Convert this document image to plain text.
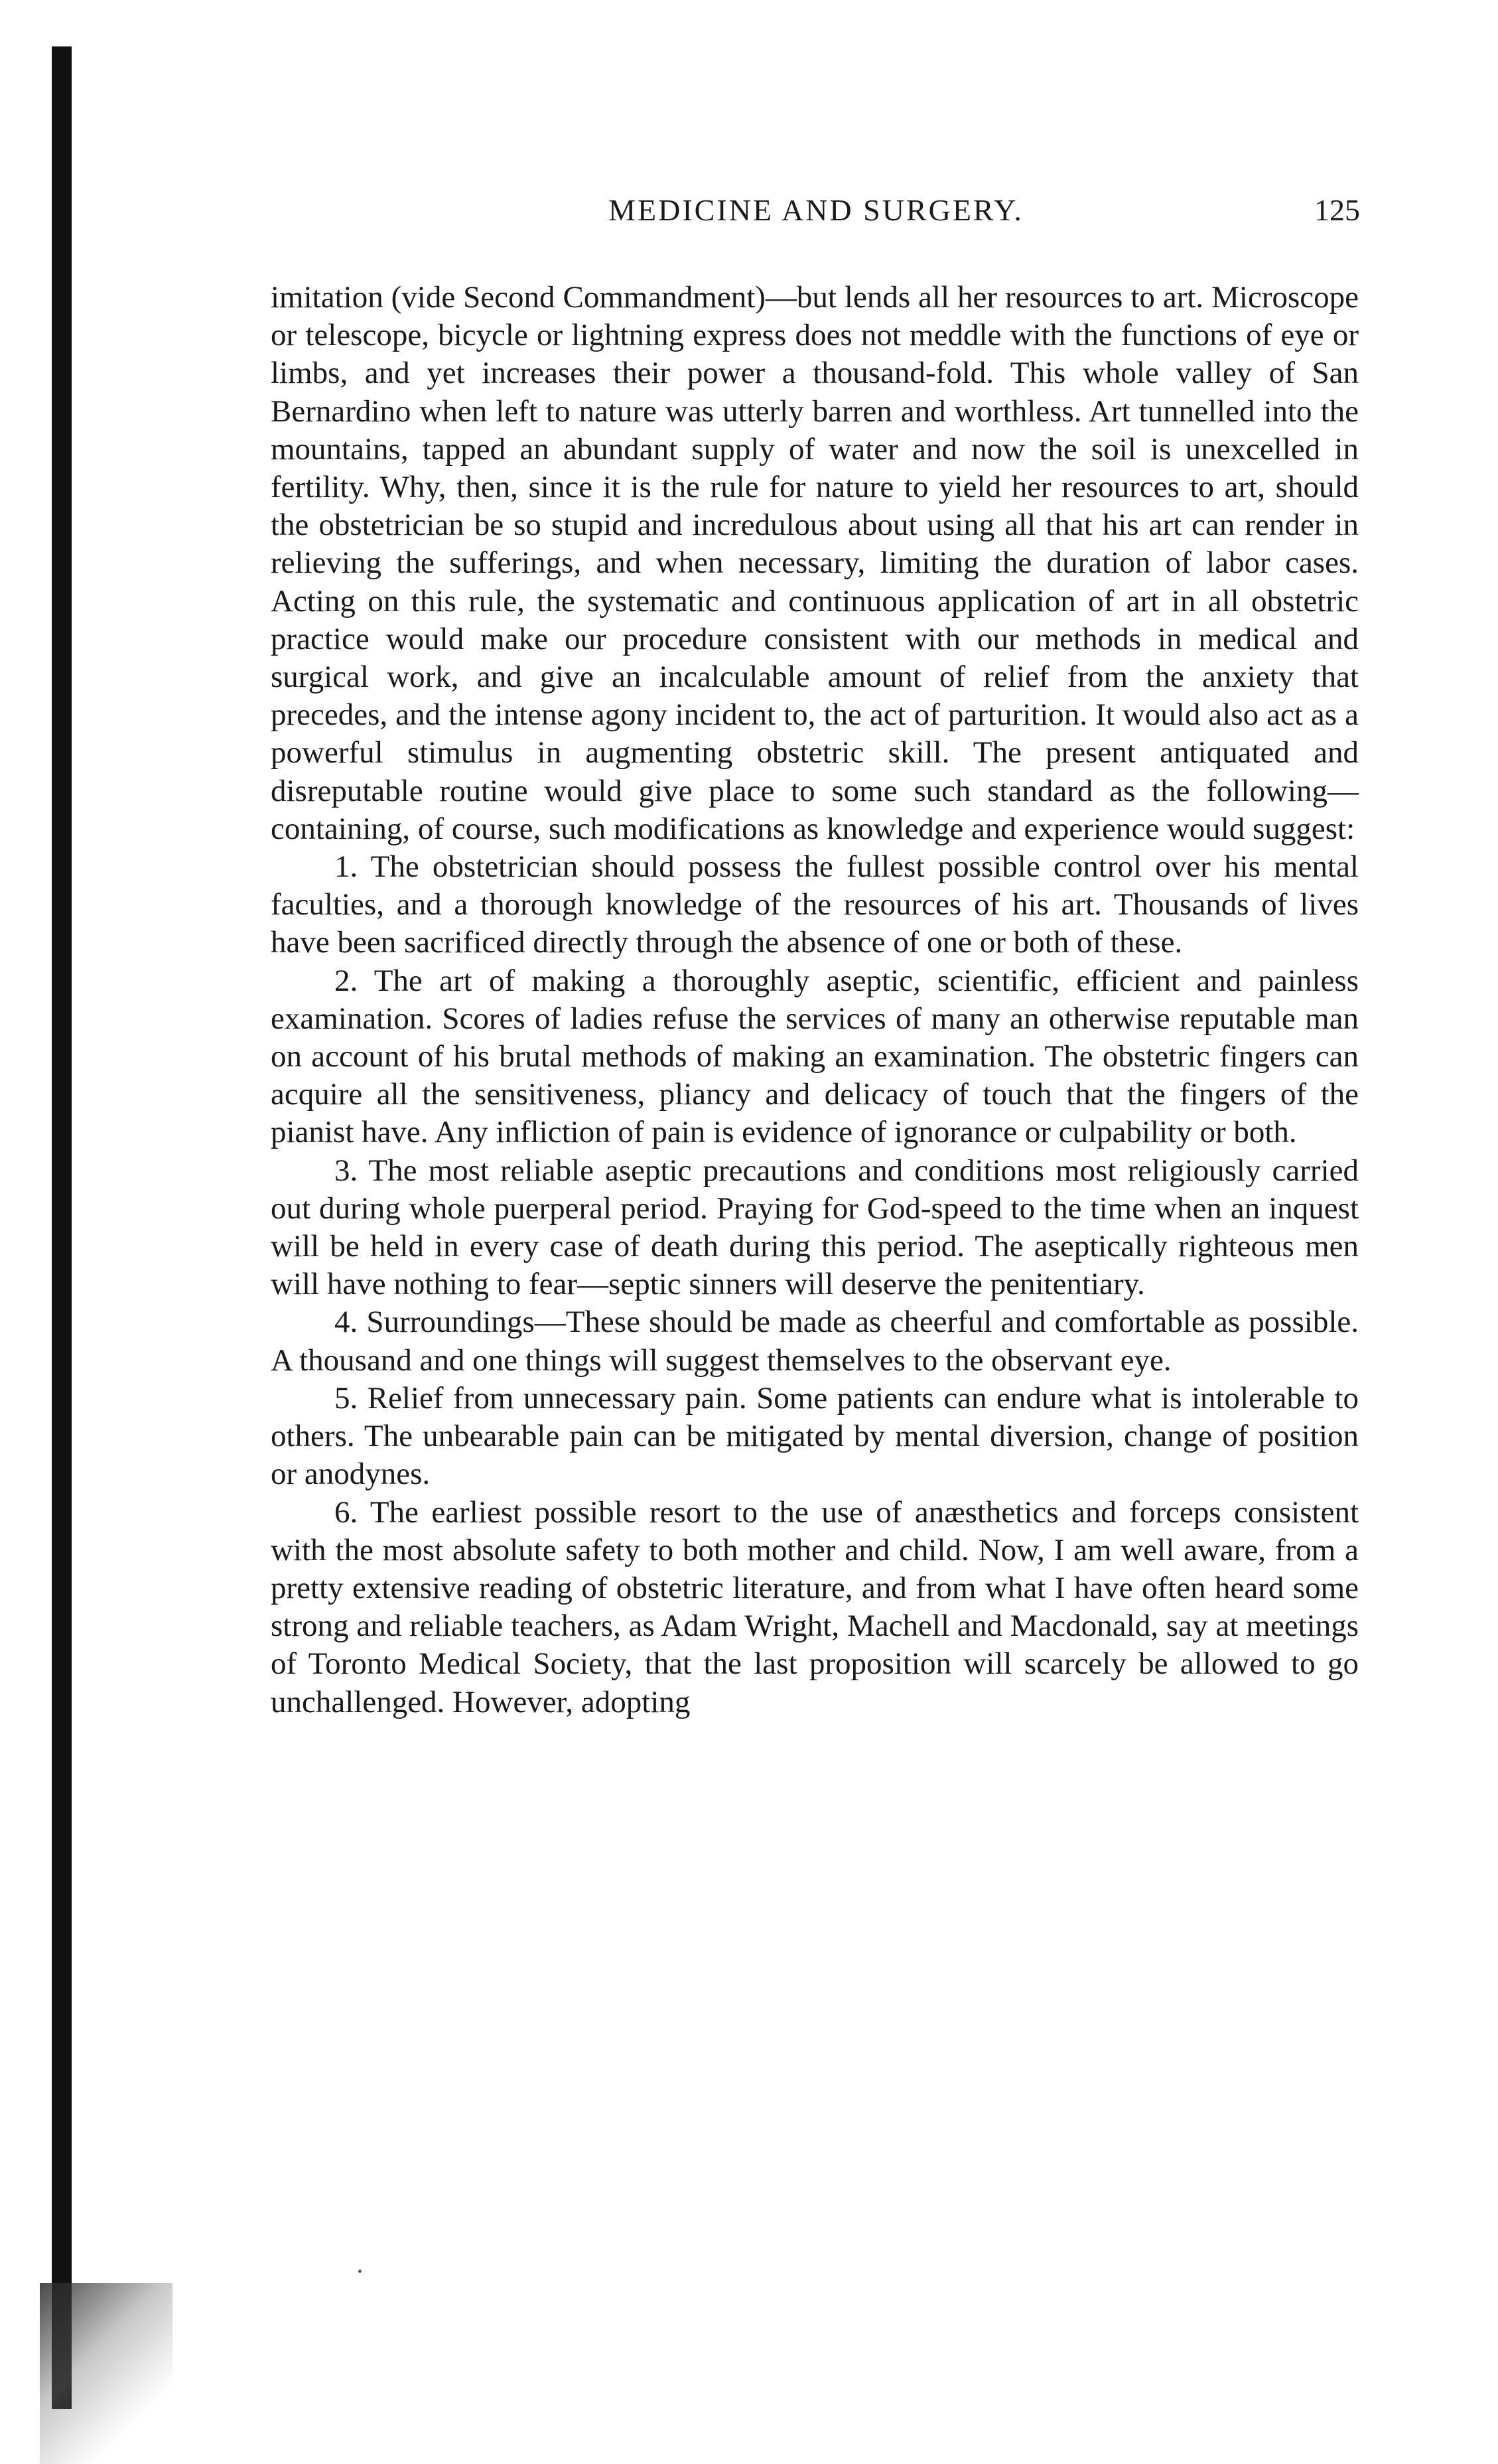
MEDICINE AND SURGERY.	125

imitation (vide Second Commandment)—but lends all her resources to art. Microscope or telescope, bicycle or lightning express does not meddle with the functions of eye or limbs, and yet increases their power a thousand-fold. This whole valley of San Bernardino when left to nature was utterly barren and worthless. Art tunnelled into the mountains, tapped an abundant supply of water and now the soil is unexcelled in fertility. Why, then, since it is the rule for nature to yield her resources to art, should the obstetrician be so stupid and incredulous about using all that his art can render in relieving the sufferings, and when necessary, limiting the duration of labor cases. Acting on this rule, the systematic and continuous application of art in all obstetric practice would make our procedure consistent with our methods in medical and surgical work, and give an incalculable amount of relief from the anxiety that precedes, and the intense agony incident to, the act of parturition. It would also act as a powerful stimulus in augmenting obstetric skill. The present antiquated and disreputable routine would give place to some such standard as the following—containing, of course, such modifications as knowledge and experience would suggest:

1. The obstetrician should possess the fullest possible control over his mental faculties, and a thorough knowledge of the resources of his art. Thousands of lives have been sacrificed directly through the absence of one or both of these.

2. The art of making a thoroughly aseptic, scientific, efficient and painless examination. Scores of ladies refuse the services of many an otherwise reputable man on account of his brutal methods of making an examination. The obstetric fingers can acquire all the sensitiveness, pliancy and delicacy of touch that the fingers of the pianist have. Any infliction of pain is evidence of ignorance or culpability or both.

3. The most reliable aseptic precautions and conditions most religiously carried out during whole puerperal period. Praying for God-speed to the time when an inquest will be held in every case of death during this period. The aseptically righteous men will have nothing to fear—septic sinners will deserve the penitentiary.

4. Surroundings—These should be made as cheerful and comfortable as possible. A thousand and one things will suggest themselves to the observant eye.

5. Relief from unnecessary pain. Some patients can endure what is intolerable to others. The unbearable pain can be mitigated by mental diversion, change of position or anodynes.

6. The earliest possible resort to the use of anæsthetics and forceps consistent with the most absolute safety to both mother and child. Now, I am well aware, from a pretty extensive reading of obstetric literature, and from what I have often heard some strong and reliable teachers, as Adam Wright, Machell and Macdonald, say at meetings of Toronto Medical Society, that the last proposition will scarcely be allowed to go unchallenged. However, adopting
